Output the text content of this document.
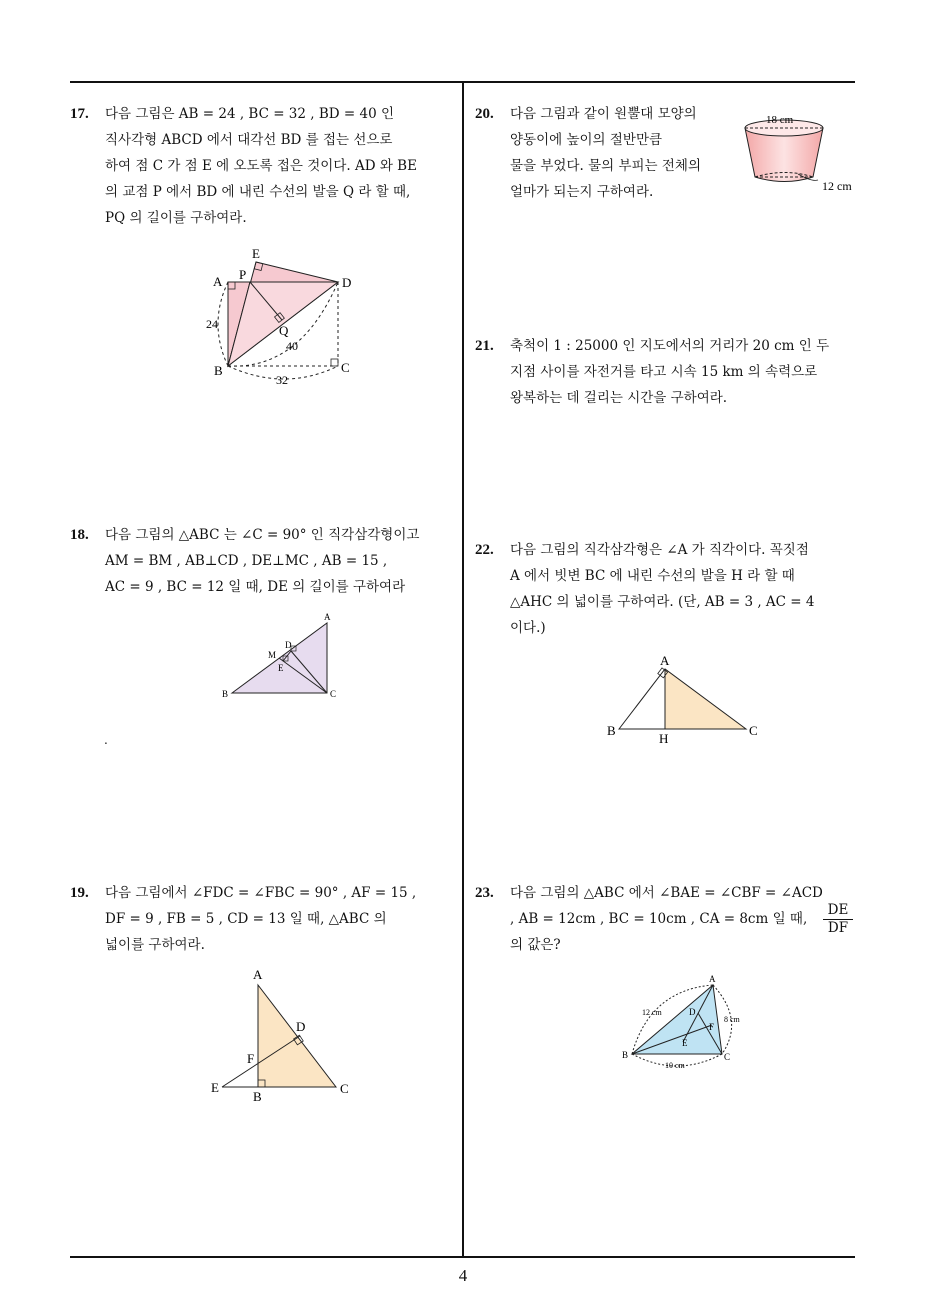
17. 다음 그림은 AB = 24 , BC = 32 , BD = 40 인
직사각형 ABCD 에서 대각선 BD 를 접는 선으로
하여 점 C 가 점 E 에 오도록 접은 것이다. AD 와 BE
의 교점 P 에서 BD 에 내린 수선의 발을 Q 라 할 때,
PQ 의 길이를 구하여라.
E
A P
D
Q
24
40
B	C
32
18. 다음 그림의 △ABC 는 ∠C = 90° 인 직각삼각형이고
AM = BM , AB⊥CD , DE⊥MC , AB = 15 ,
AC = 9 , BC = 12 일 때, DE 의 길이를 구하여라
A
D
M
E
B	C
.
19. 다음 그림에서 ∠FDC = ∠FBC = 90° , AF = 15 ,
DF = 9 , FB = 5 , CD = 13 일 때, △ABC 의
넓이를 구하여라.
A
D
F
E
B
C
20. 다음 그림과 같이 원뿔대 모양의
양동이에 높이의 절반만큼
물을 부었다. 물의 부피는 전체의
얼마가 되는지 구하여라.
18 cm
12 cm
21. 축척이 1 : 25000 인 지도에서의 거리가 20 cm 인 두
지점 사이를 자전거를 타고 시속 15 km 의 속력으로
왕복하는 데 걸리는 시간을 구하여라.
22. 다음 그림의 직각삼각형은 ∠A 가 직각이다. 꼭짓점
A 에서 빗변 BC 에 내린 수선의 발을 H 라 할 때
△AHC 의 넓이를 구하여라. (단, AB = 3 , AC = 4
이다.)
A
B
H
C
23. 다음 그림의 △ABC 에서 ∠BAE = ∠CBF = ∠ACD
, AB = 12cm , BC = 10cm , CA = 8cm 일 때,
의 값은?
$\frac{DE}{DF}$
A
D
F
E
B	C
12 cm
8 cm
10 cm
4
